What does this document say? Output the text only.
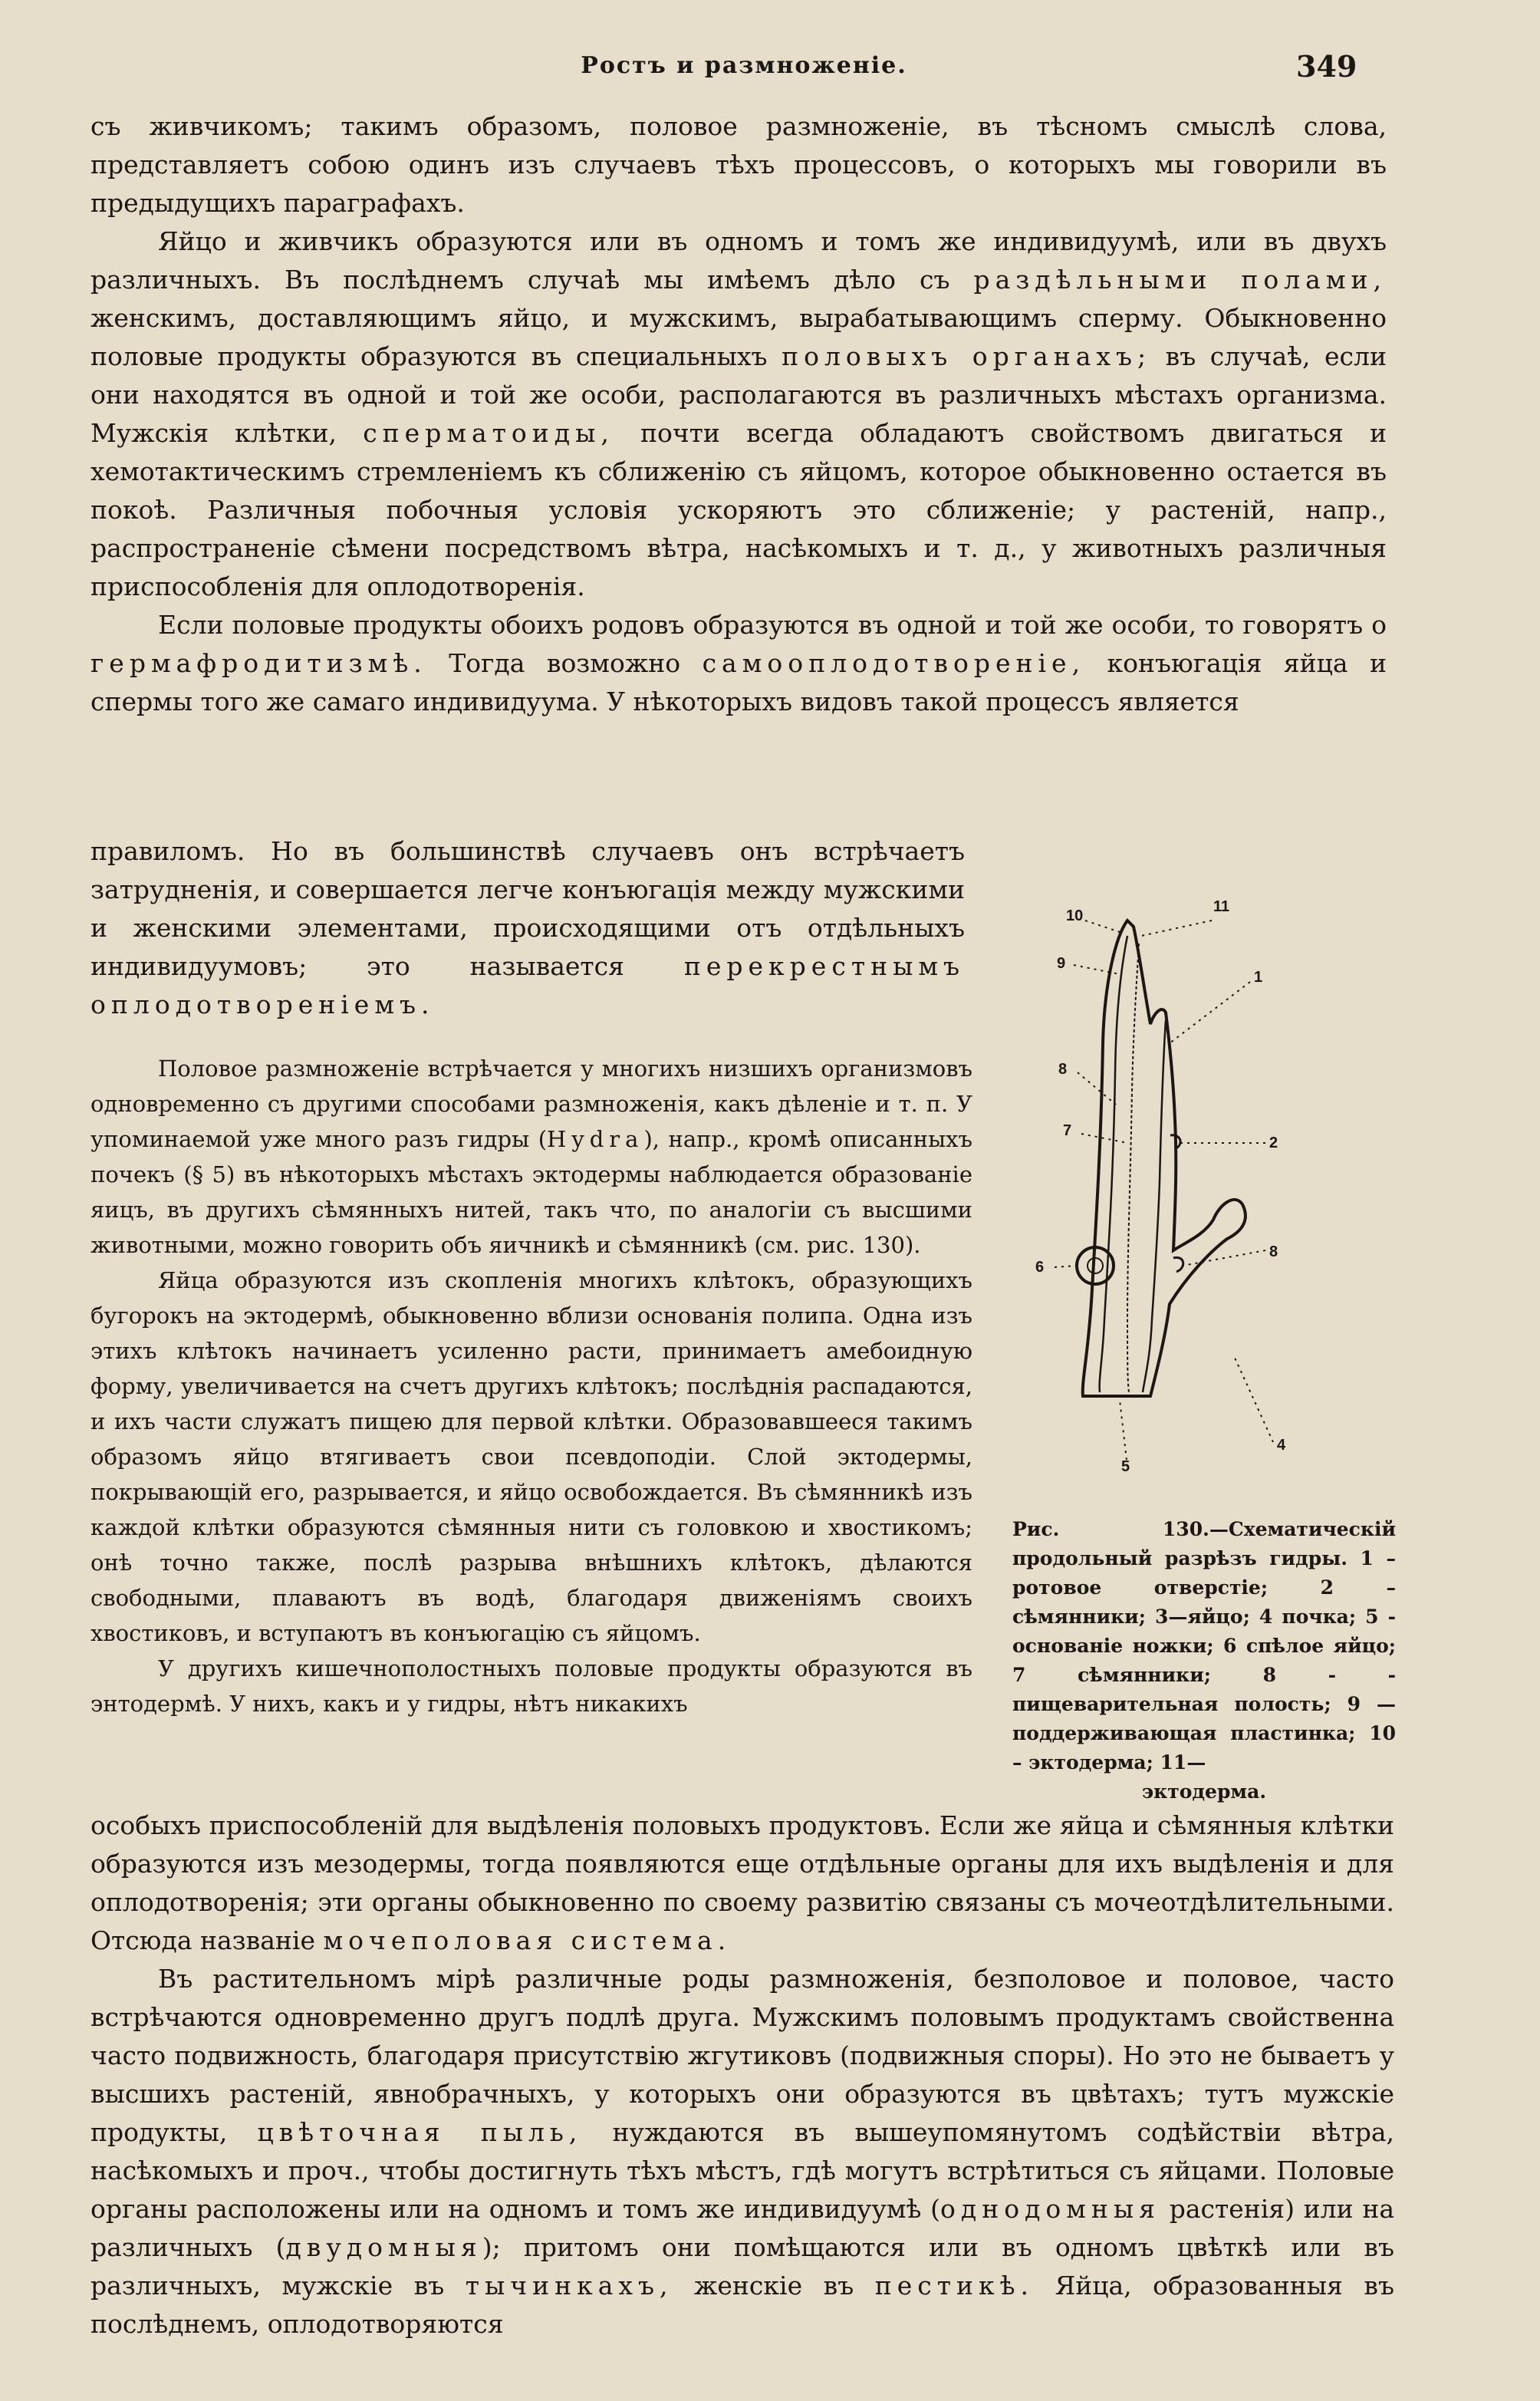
Ростъ и размноженіе.	349

съ живчикомъ; такимъ образомъ, половое размноженіе, въ тѣсномъ смыслѣ слова, представляетъ собою одинъ изъ случаевъ тѣхъ процессовъ, о которыхъ мы говорили въ предыдущихъ параграфахъ.

Яйцо и живчикъ образуются или въ одномъ и томъ же индивидуумѣ, или въ двухъ различныхъ. Въ послѣднемъ случаѣ мы имѣемъ дѣло съ раздѣльными полами, женскимъ, доставляющимъ яйцо, и мужскимъ, вырабатывающимъ сперму. Обыкновенно половые продукты образуются въ специальныхъ половыхъ органахъ; въ случаѣ, если они находятся въ одной и той же особи, располагаются въ различныхъ мѣстахъ организма. Мужскія клѣтки, сперматоиды, почти всегда обладаютъ свойствомъ двигаться и хемотактическимъ стремленіемъ къ сближенію съ яйцомъ, которое обыкновенно остается въ покоѣ. Различныя побочныя условія ускоряютъ это сближеніе; у растеній, напр., распространеніе сѣмени посредствомъ вѣтра, насѣкомыхъ и т. д., у животныхъ различныя приспособленія для оплодотворенія.

Если половые продукты обоихъ родовъ образуются въ одной и той же особи, то говорятъ о гермафродитизмѣ. Тогда возможно самооплодотвореніе, конъюгація яйца и спермы того же самаго индивидуума. У нѣкоторыхъ видовъ такой процессъ является

правиломъ. Но въ большинствѣ случаевъ онъ встрѣчаетъ затрудненія, и совершается легче конъюгація между мужскими и женскими элементами, происходящими отъ отдѣльныхъ индивидуумовъ; это называется перекрестнымъ оплодотвореніемъ.

Половое размноженіе встрѣчается у многихъ низшихъ организмовъ одновременно съ другими способами размноженія, какъ дѣленіе и т. п. У упоминаемой уже много разъ гидры (Hydra), напр., кромѣ описанныхъ почекъ (§ 5) въ нѣкоторыхъ мѣстахъ эктодермы наблюдается образованіе яицъ, въ другихъ сѣмянныхъ нитей, такъ что, по аналогіи съ высшими животными, можно говорить объ яичникѣ и сѣмянникѣ (см. рис. 130).

Яйца образуются изъ скопленія многихъ клѣтокъ, образующихъ бугорокъ на эктодермѣ, обыкновенно вблизи основанія полипа. Одна изъ этихъ клѣтокъ начинаетъ усиленно расти, принимаетъ амебоидную форму, увеличивается на счетъ другихъ клѣтокъ; послѣднія распадаются, и ихъ части служатъ пищею для первой клѣтки. Образовавшееся такимъ образомъ яйцо втягиваетъ свои псевдоподіи. Слой эктодермы, покрывающій его, разрывается, и яйцо освобождается. Въ сѣмянникѣ изъ каждой клѣтки образуются сѣмянныя нити съ головкою и хвостикомъ; онѣ точно также, послѣ разрыва внѣшнихъ клѣтокъ, дѣлаются свободными, плаваютъ въ водѣ, благодаря движеніямъ своихъ хвостиковъ, и вступаютъ въ конъюгацію съ яйцомъ.

У другихъ кишечнополостныхъ половые продукты образуются въ энтодермѣ. У нихъ, какъ и у гидры, нѣтъ никакихъ

10
11
9
1
8
7
2
6
8
4
5
Рис. 130.—Схематическій продольный разрѣзъ гидры. 1 – ротовое отверстіе; 2 – сѣмянники; 3—яйцо; 4 почка; 5 - основаніе ножки; 6 спѣлое яйцо; 7 сѣмянники; 8 - - пищеварительная полость; 9 — поддерживающая пластинка; 10 – эктодерма; 11—
эктодерма.

особыхъ приспособленій для выдѣленія половыхъ продуктовъ. Если же яйца и сѣмянныя клѣтки образуются изъ мезодермы, тогда появляются еще отдѣльные органы для ихъ выдѣленія и для оплодотворенія; эти органы обыкновенно по своему развитію связаны съ мочеотдѣлительными. Отсюда названіе мочеполовая система.

Въ растительномъ мірѣ различные роды размноженія, безполовое и половое, часто встрѣчаются одновременно другъ подлѣ друга. Мужскимъ половымъ продуктамъ свойственна часто подвижность, благодаря присутствію жгутиковъ (подвижныя споры). Но это не бываетъ у высшихъ растеній, явнобрачныхъ, у которыхъ они образуются въ цвѣтахъ; тутъ мужскіе продукты, цвѣточная пыль, нуждаются въ вышеупомянутомъ содѣйствіи вѣтра, насѣкомыхъ и проч., чтобы достигнуть тѣхъ мѣстъ, гдѣ могутъ встрѣтиться съ яйцами. Половые органы расположены или на одномъ и томъ же индивидуумѣ (однодомныя растенія) или на различныхъ (двудомныя); притомъ они помѣщаются или въ одномъ цвѣткѣ или въ различныхъ, мужскіе въ тычинкахъ, женскіе въ пестикѣ. Яйца, образованныя въ послѣднемъ, оплодотворяются
